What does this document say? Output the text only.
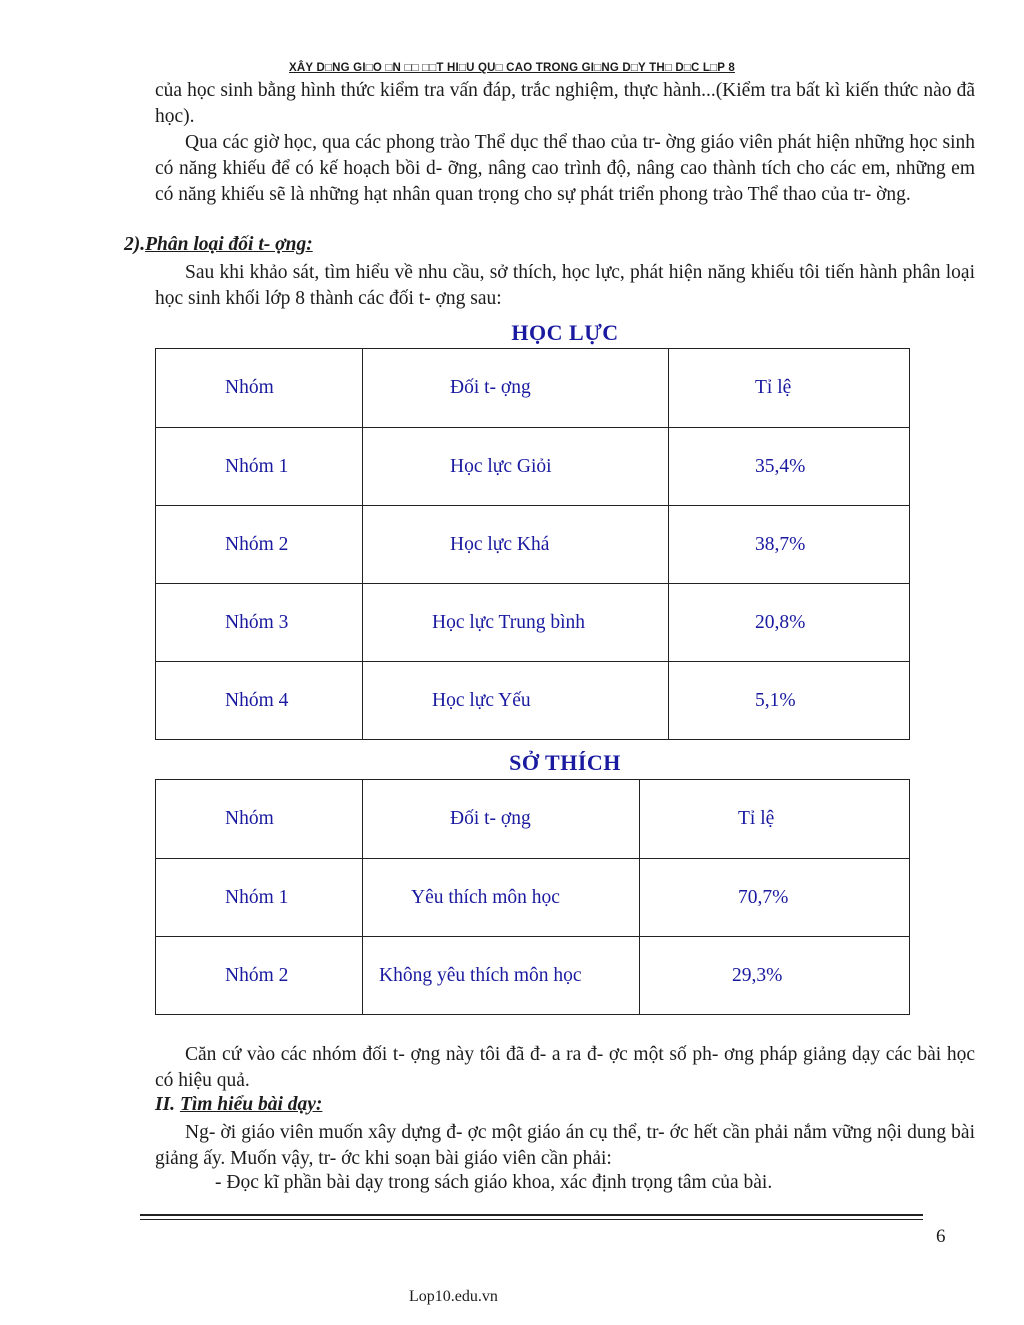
XÂY D□NG GI□O □N □□ □□T HI□U QU□ CAO TRONG GI□NG D□Y TH□ D□C L□P 8

của học sinh bằng hình thức kiểm tra vấn đáp, trắc nghiệm, thực hành...(Kiểm tra bất kì kiến thức nào đã học).

Qua các giờ học, qua các phong trào Thể dục thể thao của tr- ờng giáo viên phát hiện những học sinh có năng khiếu để có kế hoạch bồi d- ỡng, nâng cao trình độ, nâng cao thành tích cho các em, những em có năng khiếu sẽ là những hạt nhân quan trọng cho sự phát triển phong trào Thể thao của tr- ờng.

2).Phân loại đối t- ợng:

Sau khi khảo sát, tìm hiểu về nhu cầu, sở thích, học lực, phát hiện năng khiếu tôi tiến hành phân loại học sinh khối lớp 8 thành các đối t- ợng sau:

HỌC LỰC
Nhóm	Đối t- ợng	Tỉ lệ
Nhóm 1	Học lực Giỏi	35,4%
Nhóm 2	Học lực Khá	38,7%
Nhóm 3	Học lực Trung bình	20,8%
Nhóm 4	Học lực Yếu	5,1%
SỞ THÍCH
Nhóm	Đối t- ợng	Tỉ lệ
Nhóm 1	Yêu thích môn học	70,7%
Nhóm 2	Không yêu thích môn học	29,3%

Căn cứ vào các nhóm đối t- ợng này tôi đã đ- a ra đ- ợc một số ph- ơng pháp giảng dạy các bài học có hiệu quả.

II. Tìm hiểu bài dạy:

Ng- ời giáo viên muốn xây dựng đ- ợc một giáo án cụ thể, tr- ớc hết cần phải nắm vững nội dung bài giảng ấy. Muốn vậy, tr- ớc khi soạn bài giáo viên cần phải:

- Đọc kĩ phần bài dạy trong sách giáo khoa, xác định trọng tâm của bài.
6
Lop10.edu.vn
